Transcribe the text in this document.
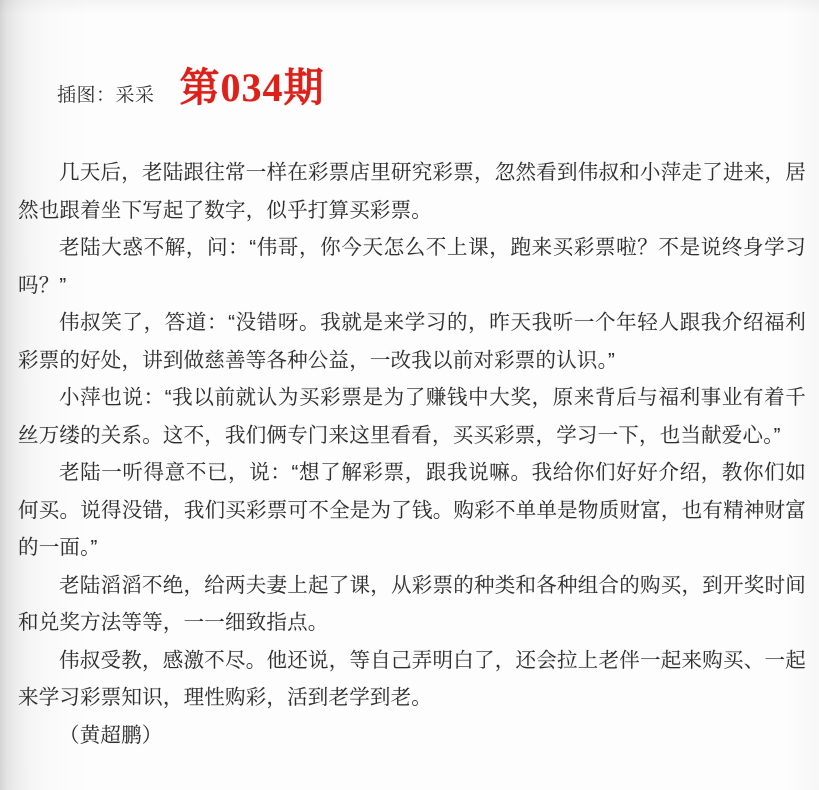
插图：采采 第034期

几天后，老陆跟往常一样在彩票店里研究彩票，忽然看到伟叔和小萍走了进来，居然也跟着坐下写起了数字，似乎打算买彩票。

老陆大惑不解，问：“伟哥，你今天怎么不上课，跑来买彩票啦？不是说终身学习吗？”

伟叔笑了，答道：“没错呀。我就是来学习的，昨天我听一个年轻人跟我介绍福利彩票的好处，讲到做慈善等各种公益，一改我以前对彩票的认识。”

小萍也说：“我以前就认为买彩票是为了赚钱中大奖，原来背后与福利事业有着千丝万缕的关系。这不，我们俩专门来这里看看，买买彩票，学习一下，也当献爱心。”

老陆一听得意不已，说：“想了解彩票，跟我说嘛。我给你们好好介绍，教你们如何买。说得没错，我们买彩票可不全是为了钱。购彩不单单是物质财富，也有精神财富的一面。”

老陆滔滔不绝，给两夫妻上起了课，从彩票的种类和各种组合的购买，到开奖时间和兑奖方法等等，一一细致指点。

伟叔受教，感激不尽。他还说，等自己弄明白了，还会拉上老伴一起来购买、一起来学习彩票知识，理性购彩，活到老学到老。

（黄超鹏）
